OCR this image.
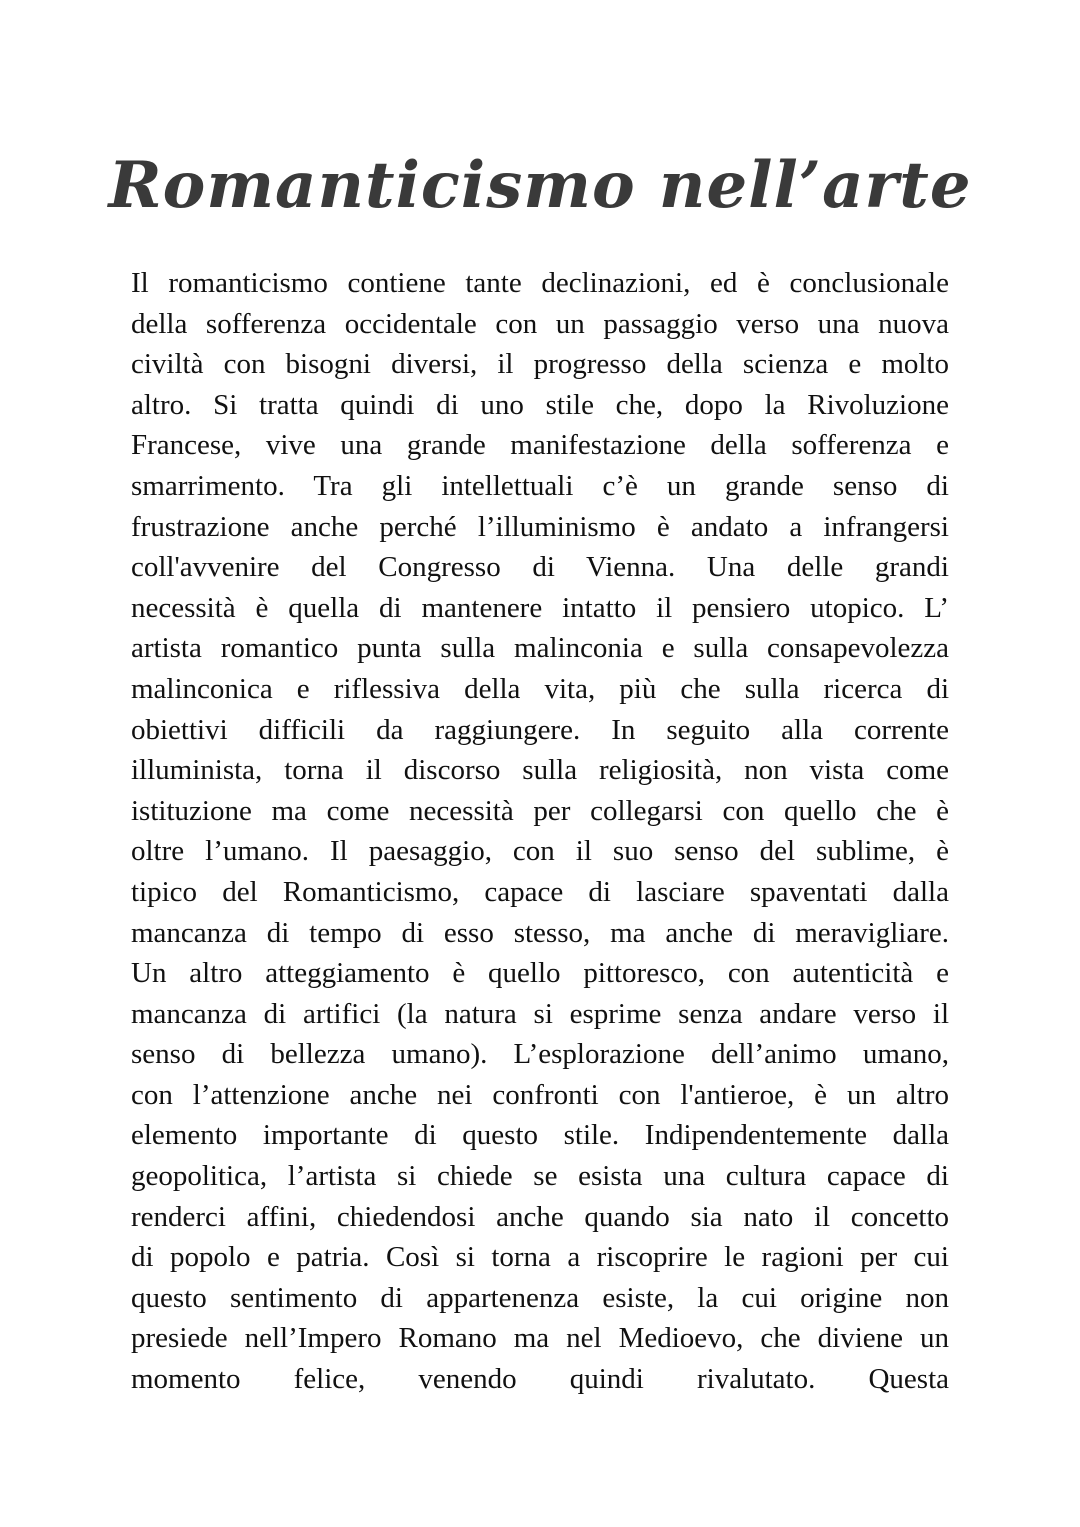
Romanticismo nell’arte
Il romanticismo contiene tante declinazioni, ed è conclusionale
della sofferenza occidentale con un passaggio verso una nuova
civiltà con bisogni diversi, il progresso della scienza e molto
altro. Si tratta quindi di uno stile che, dopo la Rivoluzione
Francese, vive una grande manifestazione della sofferenza e
smarrimento. Tra gli intellettuali c’è un grande senso di
frustrazione anche perché l’illuminismo è andato a infrangersi
coll'avvenire del Congresso di Vienna. Una delle grandi
necessità è quella di mantenere intatto il pensiero utopico. L’
artista romantico punta sulla malinconia e sulla consapevolezza
malinconica e riflessiva della vita, più che sulla ricerca di
obiettivi difficili da raggiungere. In seguito alla corrente
illuminista, torna il discorso sulla religiosità, non vista come
istituzione ma come necessità per collegarsi con quello che è
oltre l’umano. Il paesaggio, con il suo senso del sublime, è
tipico del Romanticismo, capace di lasciare spaventati dalla
mancanza di tempo di esso stesso, ma anche di meravigliare.
Un altro atteggiamento è quello pittoresco, con autenticità e
mancanza di artifici (la natura si esprime senza andare verso il
senso di bellezza umano). L’esplorazione dell’animo umano,
con l’attenzione anche nei confronti con l'antieroe, è un altro
elemento importante di questo stile. Indipendentemente dalla
geopolitica, l’artista si chiede se esista una cultura capace di
renderci affini, chiedendosi anche quando sia nato il concetto
di popolo e patria. Così si torna a riscoprire le ragioni per cui
questo sentimento di appartenenza esiste, la cui origine non
presiede nell’Impero Romano ma nel Medioevo, che diviene un
momento felice, venendo quindi rivalutato. Questa
